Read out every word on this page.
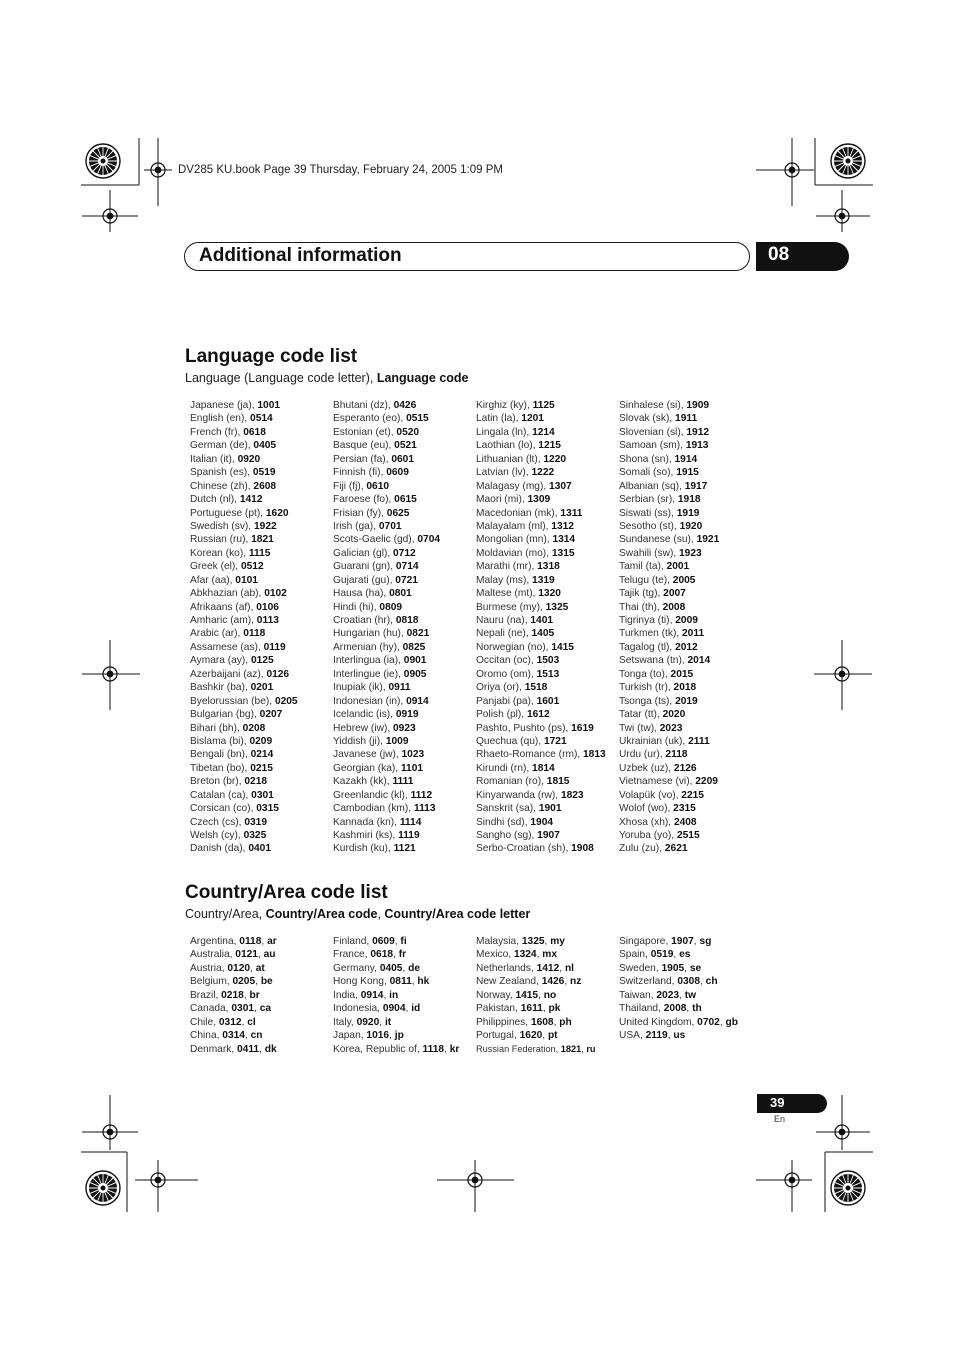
DV285 KU.book Page 39 Thursday, February 24, 2005 1:09 PM
Additional information	08
Language code list
Language (Language code letter), Language code
Japanese (ja), 1001
English (en), 0514
French (fr), 0618
German (de), 0405
Italian (it), 0920
Spanish (es), 0519
Chinese (zh), 2608
Dutch (nl), 1412
Portuguese (pt), 1620
Swedish (sv), 1922
Russian (ru), 1821
Korean (ko), 1115
Greek (el), 0512
Afar (aa), 0101
Abkhazian (ab), 0102
Afrikaans (af), 0106
Amharic (am), 0113
Arabic (ar), 0118
Assamese (as), 0119
Aymara (ay), 0125
Azerbaijani (az), 0126
Bashkir (ba), 0201
Byelorussian (be), 0205
Bulgarian (bg), 0207
Bihari (bh), 0208
Bislama (bi), 0209
Bengali (bn), 0214
Tibetan (bo), 0215
Breton (br), 0218
Catalan (ca), 0301
Corsican (co), 0315
Czech (cs), 0319
Welsh (cy), 0325
Danish (da), 0401
Bhutani (dz), 0426
Esperanto (eo), 0515
Estonian (et), 0520
Basque (eu), 0521
Persian (fa), 0601
Finnish (fi), 0609
Fiji (fj), 0610
Faroese (fo), 0615
Frisian (fy), 0625
Irish (ga), 0701
Scots-Gaelic (gd), 0704
Galician (gl), 0712
Guarani (gn), 0714
Gujarati (gu), 0721
Hausa (ha), 0801
Hindi (hi), 0809
Croatian (hr), 0818
Hungarian (hu), 0821
Armenian (hy), 0825
Interlingua (ia), 0901
Interlingue (ie), 0905
Inupiak (ik), 0911
Indonesian (in), 0914
Icelandic (is), 0919
Hebrew (iw), 0923
Yiddish (ji), 1009
Javanese (jw), 1023
Georgian (ka), 1101
Kazakh (kk), 1111
Greenlandic (kl), 1112
Cambodian (km), 1113
Kannada (kn), 1114
Kashmiri (ks), 1119
Kurdish (ku), 1121
Kirghiz (ky), 1125
Latin (la), 1201
Lingala (ln), 1214
Laothian (lo), 1215
Lithuanian (lt), 1220
Latvian (lv), 1222
Malagasy (mg), 1307
Maori (mi), 1309
Macedonian (mk), 1311
Malayalam (ml), 1312
Mongolian (mn), 1314
Moldavian (mo), 1315
Marathi (mr), 1318
Malay (ms), 1319
Maltese (mt), 1320
Burmese (my), 1325
Nauru (na), 1401
Nepali (ne), 1405
Norwegian (no), 1415
Occitan (oc), 1503
Oromo (om), 1513
Oriya (or), 1518
Panjabi (pa), 1601
Polish (pl), 1612
Pashto, Pushto (ps), 1619
Quechua (qu), 1721
Rhaeto-Romance (rm), 1813
Kirundi (rn), 1814
Romanian (ro), 1815
Kinyarwanda (rw), 1823
Sanskrit (sa), 1901
Sindhi (sd), 1904
Sangho (sg), 1907
Serbo-Croatian (sh), 1908
Sinhalese (si), 1909
Slovak (sk), 1911
Slovenian (sl), 1912
Samoan (sm), 1913
Shona (sn), 1914
Somali (so), 1915
Albanian (sq), 1917
Serbian (sr), 1918
Siswati (ss), 1919
Sesotho (st), 1920
Sundanese (su), 1921
Swahili (sw), 1923
Tamil (ta), 2001
Telugu (te), 2005
Tajik (tg), 2007
Thai (th), 2008
Tigrinya (ti), 2009
Turkmen (tk), 2011
Tagalog (tl), 2012
Setswana (tn), 2014
Tonga (to), 2015
Turkish (tr), 2018
Tsonga (ts), 2019
Tatar (tt), 2020
Twi (tw), 2023
Ukrainian (uk), 2111
Urdu (ur), 2118
Uzbek (uz), 2126
Vietnamese (vi), 2209
Volapük (vo), 2215
Wolof (wo), 2315
Xhosa (xh), 2408
Yoruba (yo), 2515
Zulu (zu), 2621
Country/Area code list
Country/Area, Country/Area code, Country/Area code letter
Argentina, 0118, ar
Australia, 0121, au
Austria, 0120, at
Belgium, 0205, be
Brazil, 0218, br
Canada, 0301, ca
Chile, 0312, cl
China, 0314, cn
Denmark, 0411, dk
Finland, 0609, fi
France, 0618, fr
Germany, 0405, de
Hong Kong, 0811, hk
India, 0914, in
Indonesia, 0904, id
Italy, 0920, it
Japan, 1016, jp
Korea, Republic of, 1118, kr
Malaysia, 1325, my
Mexico, 1324, mx
Netherlands, 1412, nl
New Zealand, 1426, nz
Norway, 1415, no
Pakistan, 1611, pk
Philippines, 1608, ph
Portugal, 1620, pt
Russian Federation, 1821, ru
Singapore, 1907, sg
Spain, 0519, es
Sweden, 1905, se
Switzerland, 0308, ch
Taiwan, 2023, tw
Thailand, 2008, th
United Kingdom, 0702, gb
USA, 2119, us
39
En
